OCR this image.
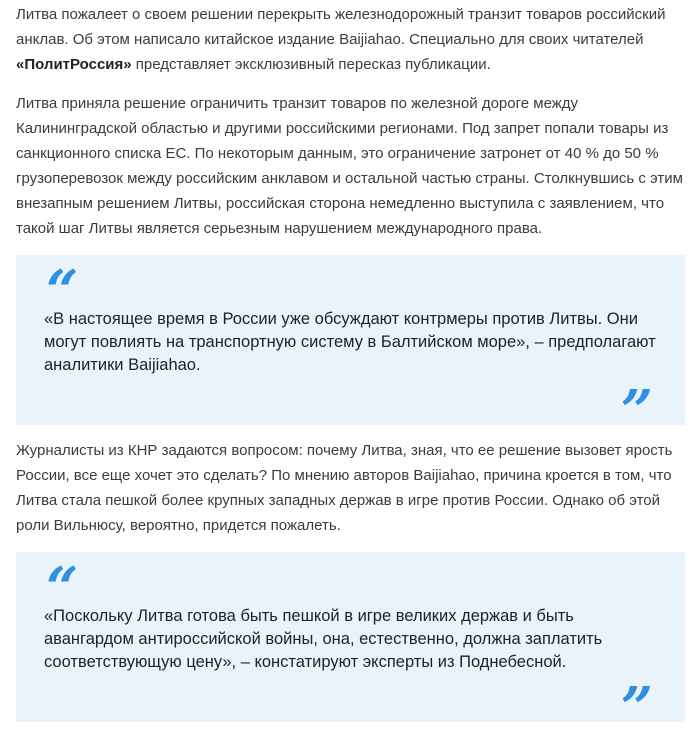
Литва пожалеет о своем решении перекрыть железнодорожный транзит товаров российский анклав. Об этом написало китайское издание Baijiahao. Специально для своих читателей «ПолитРоссия» представляет эксклюзивный пересказ публикации.

Литва приняла решение ограничить транзит товаров по железной дороге между Калининградской областью и другими российскими регионами. Под запрет попали товары из санкционного списка ЕС. По некоторым данным, это ограничение затронет от 40 % до 50 % грузоперевозок между российским анклавом и остальной частью страны. Столкнувшись с этим внезапным решением Литвы, российская сторона немедленно выступила с заявлением, что такой шаг Литвы является серьезным нарушением международного права.

“

«В настоящее время в России уже обсуждают контрмеры против Литвы. Они могут повлиять на транспортную систему в Балтийском море», – предполагают аналитики Baijiahao.

”

Журналисты из КНР задаются вопросом: почему Литва, зная, что ее решение вызовет ярость России, все еще хочет это сделать? По мнению авторов Baijiahao, причина кроется в том, что Литва стала пешкой более крупных западных держав в игре против России. Однако об этой роли Вильнюсу, вероятно, придется пожалеть.

“

«Поскольку Литва готова быть пешкой в игре великих держав и быть авангардом антироссийской войны, она, естественно, должна заплатить соответствующую цену», – констатируют эксперты из Поднебесной.

”
